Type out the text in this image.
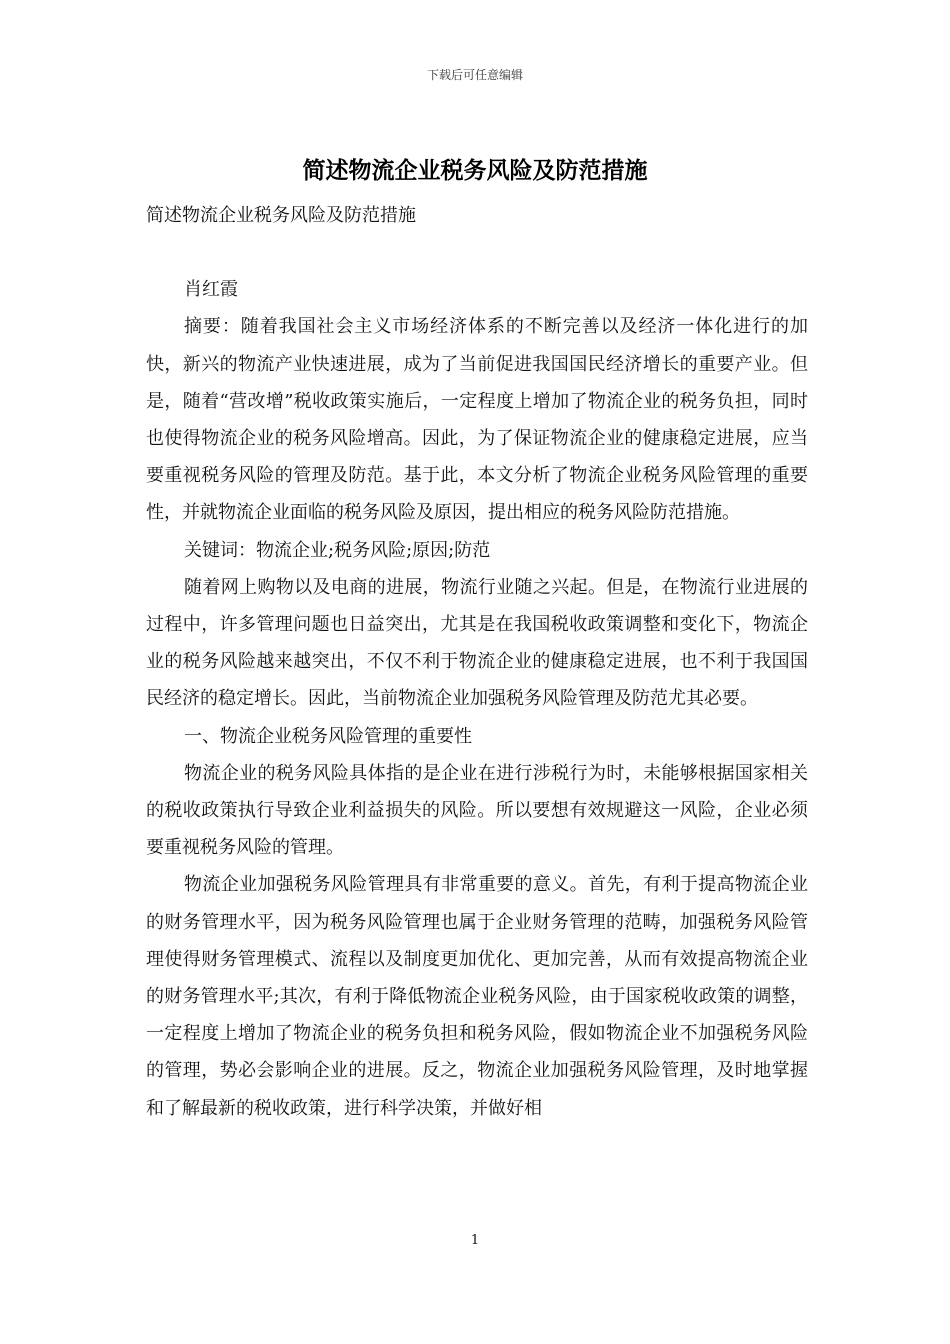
下载后可任意编辑
简述物流企业税务风险及防范措施

简述物流企业税务风险及防范措施

肖红霞

摘要：随着我国社会主义市场经济体系的不断完善以及经济一体化进行的加快，新兴的物流产业快速进展，成为了当前促进我国国民经济增长的重要产业。但是，随着“营改增”税收政策实施后，一定程度上增加了物流企业的税务负担，同时也使得物流企业的税务风险增高。因此，为了保证物流企业的健康稳定进展，应当要重视税务风险的管理及防范。基于此，本文分析了物流企业税务风险管理的重要性，并就物流企业面临的税务风险及原因，提出相应的税务风险防范措施。

关键词：物流企业;税务风险;原因;防范

随着网上购物以及电商的进展，物流行业随之兴起。但是，在物流行业进展的过程中，许多管理问题也日益突出，尤其是在我国税收政策调整和变化下，物流企业的税务风险越来越突出，不仅不利于物流企业的健康稳定进展，也不利于我国国民经济的稳定增长。因此，当前物流企业加强税务风险管理及防范尤其必要。

一、物流企业税务风险管理的重要性

物流企业的税务风险具体指的是企业在进行涉税行为时，未能够根据国家相关的税收政策执行导致企业利益损失的风险。所以要想有效规避这一风险，企业必须要重视税务风险的管理。

物流企业加强税务风险管理具有非常重要的意义。首先，有利于提高物流企业的财务管理水平，因为税务风险管理也属于企业财务管理的范畴，加强税务风险管理使得财务管理模式、流程以及制度更加优化、更加完善，从而有效提高物流企业的财务管理水平;其次，有利于降低物流企业税务风险，由于国家税收政策的调整，一定程度上增加了物流企业的税务负担和税务风险，假如物流企业不加强税务风险的管理，势必会影响企业的进展。反之，物流企业加强税务风险管理，及时地掌握和了解最新的税收政策，进行科学决策，并做好相

1
